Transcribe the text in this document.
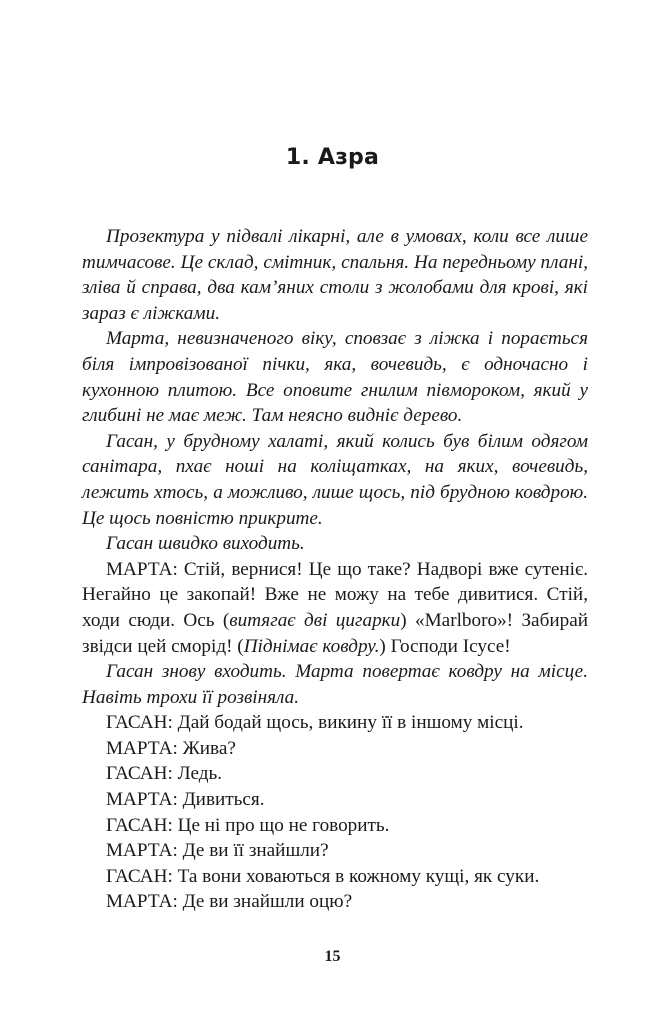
1. Азра

Прозектура у підвалі лікарні, але в умовах, коли все лише тимчасове. Це склад, смітник, спальня. На передньому плані, зліва й справа, два кам’яних столи з жолобами для крові, які зараз є ліжками.

Марта, невизначеного віку, сповзає з ліжка і порається біля імпровізованої пічки, яка, вочевидь, є одночасно і кухонною плитою. Все оповите гнилим півмороком, який у глибині не має меж. Там неясно виднiє дерево.

Гасан, у брудному халаті, який колись був білим одягом санітара, пхає ноші на коліщатках, на яких, вочевидь, лежить хтось, а можливо, лише щось, під брудною ковдрою. Це щось повністю прикрите.

Гасан швидко виходить.

МАРТА: Стій, вернися! Це що таке? Надворі вже сутеніє. Негайно це закопай! Вже не можу на тебе дивитися. Стій, ходи сюди. Ось (витягає дві цигарки) «Marlboro»! Забирай звідси цей сморід! (Піднімає ковдру.) Господи Ісусе!

Гасан знову входить. Марта повертає ковдру на місце. Навіть трохи її розвіняла.

ГАСАН: Дай бодай щось, викину її в іншому місці.

МАРТА: Жива?

ГАСАН: Ледь.

МАРТА: Дивиться.

ГАСАН: Це ні про що не говорить.

МАРТА: Де ви її знайшли?

ГАСАН: Та вони ховаються в кожному кущі, як суки.

МАРТА: Де ви знайшли оцю?

15
